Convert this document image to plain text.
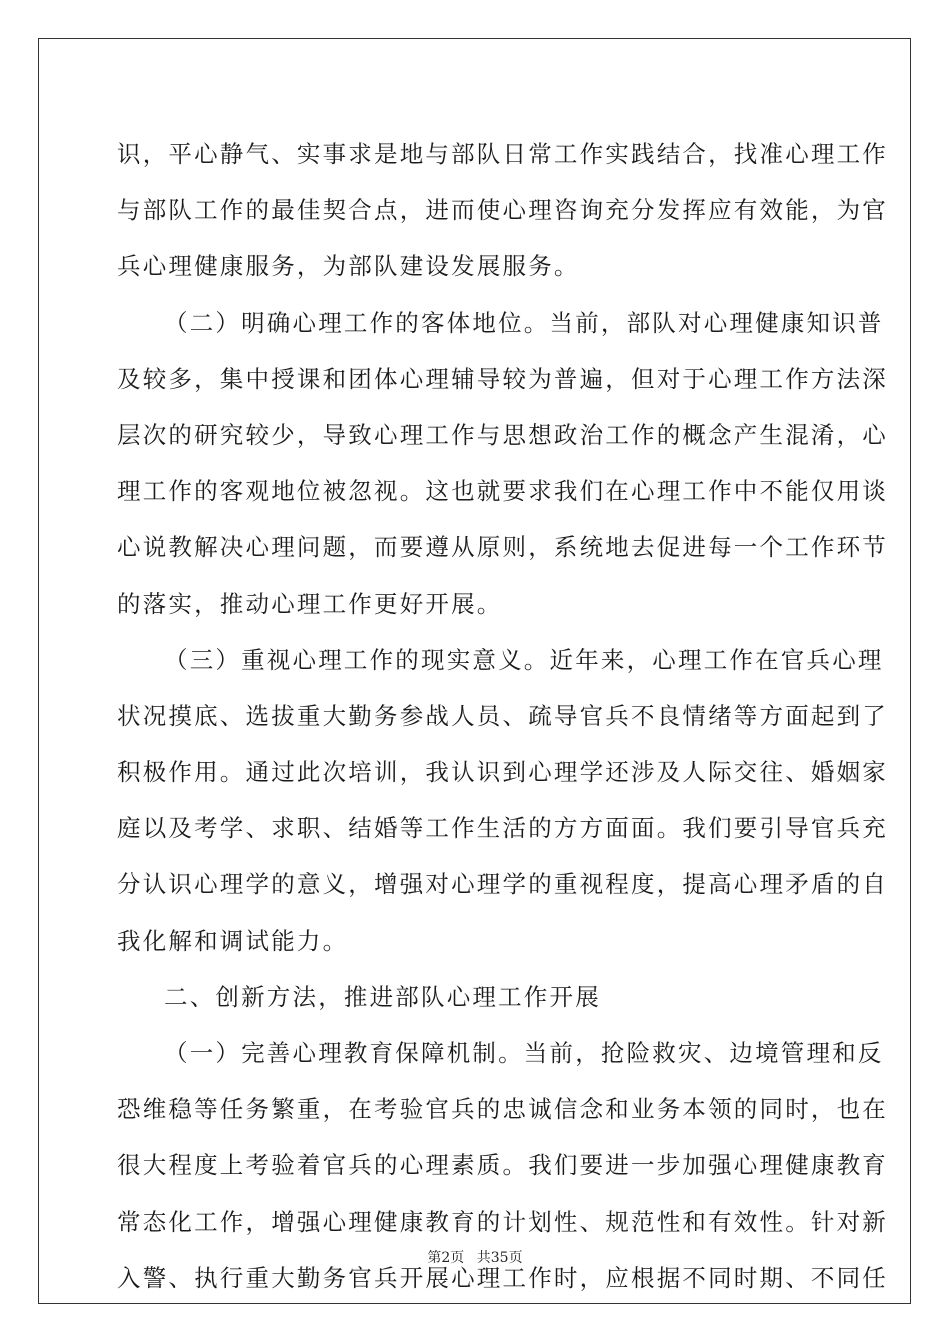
识，平心静气、实事求是地与部队日常工作实践结合，找准心理工作
与部队工作的最佳契合点，进而使心理咨询充分发挥应有效能，为官
兵心理健康服务，为部队建设发展服务。
（二）明确心理工作的客体地位。当前，部队对心理健康知识普
及较多，集中授课和团体心理辅导较为普遍，但对于心理工作方法深
层次的研究较少，导致心理工作与思想政治工作的概念产生混淆，心
理工作的客观地位被忽视。这也就要求我们在心理工作中不能仅用谈
心说教解决心理问题，而要遵从原则，系统地去促进每一个工作环节
的落实，推动心理工作更好开展。
（三）重视心理工作的现实意义。近年来，心理工作在官兵心理
状况摸底、选拔重大勤务参战人员、疏导官兵不良情绪等方面起到了
积极作用。通过此次培训，我认识到心理学还涉及人际交往、婚姻家
庭以及考学、求职、结婚等工作生活的方方面面。我们要引导官兵充
分认识心理学的意义，增强对心理学的重视程度，提高心理矛盾的自
我化解和调试能力。
二、创新方法，推进部队心理工作开展
（一）完善心理教育保障机制。当前，抢险救灾、边境管理和反
恐维稳等任务繁重，在考验官兵的忠诚信念和业务本领的同时，也在
很大程度上考验着官兵的心理素质。我们要进一步加强心理健康教育
常态化工作，增强心理健康教育的计划性、规范性和有效性。针对新
入警、执行重大勤务官兵开展心理工作时，应根据不同时期、不同任
第2页 共35页
